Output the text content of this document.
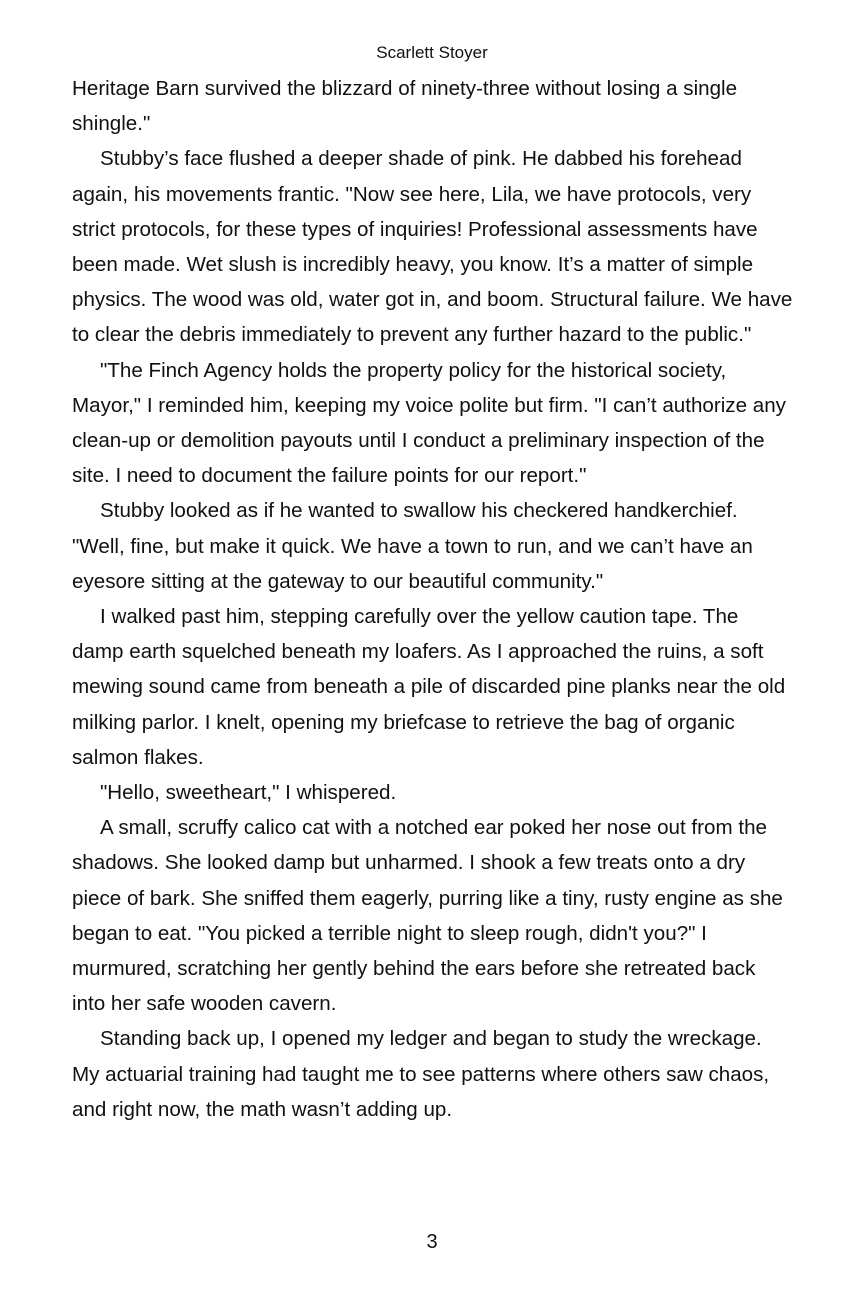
Scarlett Stoyer

Heritage Barn survived the blizzard of ninety-three without losing a single shingle."

Stubby’s face flushed a deeper shade of pink. He dabbed his forehead again, his movements frantic. "Now see here, Lila, we have protocols, very strict protocols, for these types of inquiries! Professional assessments have been made. Wet slush is incredibly heavy, you know. It’s a matter of simple physics. The wood was old, water got in, and boom. Structural failure. We have to clear the debris immediately to prevent any further hazard to the public."

"The Finch Agency holds the property policy for the historical society, Mayor," I reminded him, keeping my voice polite but firm. "I can’t authorize any clean-up or demolition payouts until I conduct a preliminary inspection of the site. I need to document the failure points for our report."

Stubby looked as if he wanted to swallow his checkered handkerchief. "Well, fine, but make it quick. We have a town to run, and we can’t have an eyesore sitting at the gateway to our beautiful community."

I walked past him, stepping carefully over the yellow caution tape. The damp earth squelched beneath my loafers. As I approached the ruins, a soft mewing sound came from beneath a pile of discarded pine planks near the old milking parlor. I knelt, opening my briefcase to retrieve the bag of organic salmon flakes.

"Hello, sweetheart," I whispered.

A small, scruffy calico cat with a notched ear poked her nose out from the shadows. She looked damp but unharmed. I shook a few treats onto a dry piece of bark. She sniffed them eagerly, purring like a tiny, rusty engine as she began to eat. "You picked a terrible night to sleep rough, didn't you?" I murmured, scratching her gently behind the ears before she retreated back into her safe wooden cavern.

Standing back up, I opened my ledger and began to study the wreckage. My actuarial training had taught me to see patterns where others saw chaos, and right now, the math wasn’t adding up.

3
